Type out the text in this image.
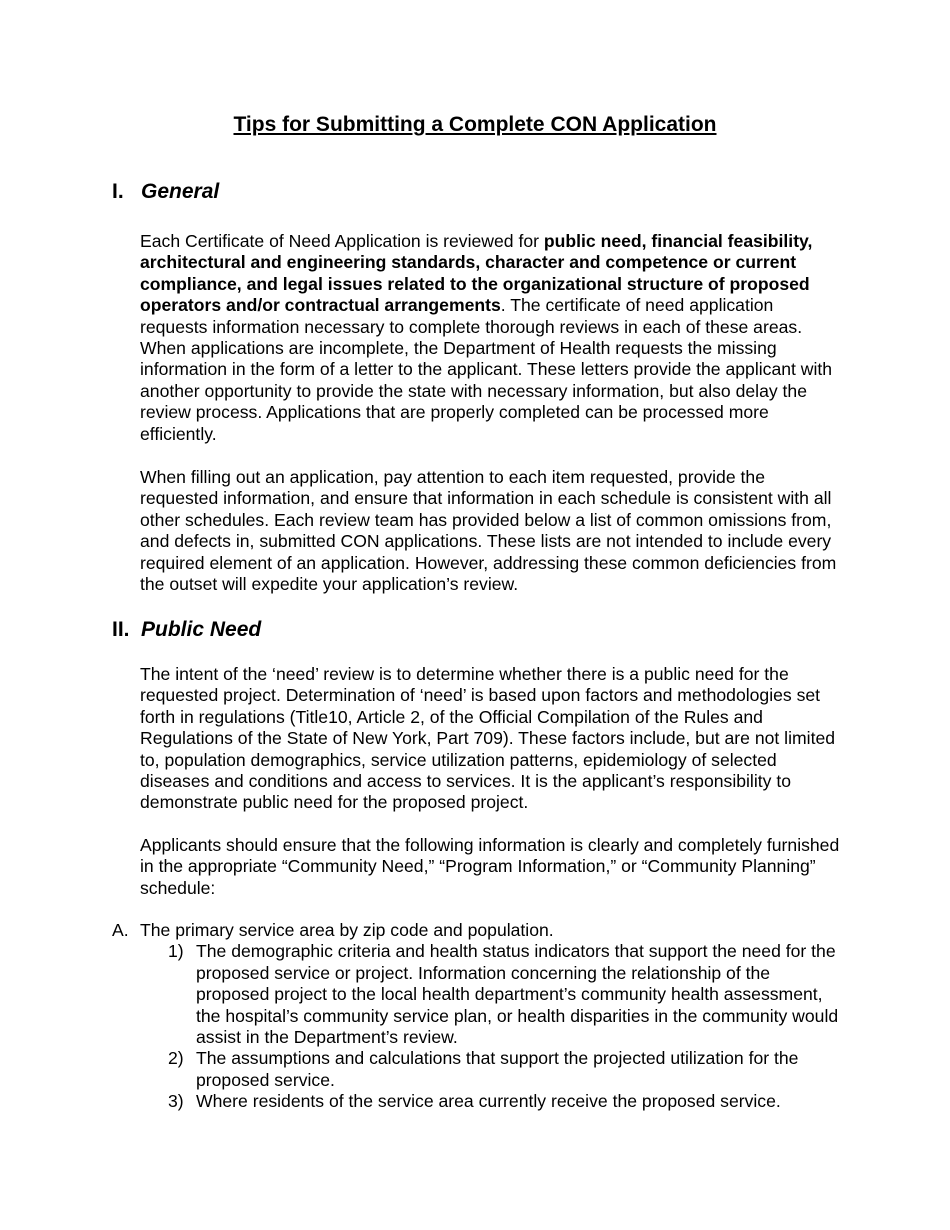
Tips for Submitting a Complete CON Application
I. General

Each Certificate of Need Application is reviewed for public need, financial feasibility, architectural and engineering standards, character and competence or current compliance, and legal issues related to the organizational structure of proposed operators and/or contractual arrangements. The certificate of need application requests information necessary to complete thorough reviews in each of these areas. When applications are incomplete, the Department of Health requests the missing information in the form of a letter to the applicant. These letters provide the applicant with another opportunity to provide the state with necessary information, but also delay the review process. Applications that are properly completed can be processed more efficiently.

When filling out an application, pay attention to each item requested, provide the requested information, and ensure that information in each schedule is consistent with all other schedules. Each review team has provided below a list of common omissions from, and defects in, submitted CON applications. These lists are not intended to include every required element of an application. However, addressing these common deficiencies from the outset will expedite your application’s review.

II. Public Need

The intent of the ‘need’ review is to determine whether there is a public need for the requested project. Determination of ‘need’ is based upon factors and methodologies set forth in regulations (Title10, Article 2, of the Official Compilation of the Rules and Regulations of the State of New York, Part 709). These factors include, but are not limited to, population demographics, service utilization patterns, epidemiology of selected diseases and conditions and access to services. It is the applicant’s responsibility to demonstrate public need for the proposed project.

Applicants should ensure that the following information is clearly and completely furnished in the appropriate “Community Need,” “Program Information,” or “Community Planning” schedule:

A. The primary service area by zip code and population.
1) The demographic criteria and health status indicators that support the need for the proposed service or project. Information concerning the relationship of the proposed project to the local health department’s community health assessment, the hospital’s community service plan, or health disparities in the community would assist in the Department’s review.
2) The assumptions and calculations that support the projected utilization for the proposed service.
3) Where residents of the service area currently receive the proposed service.
